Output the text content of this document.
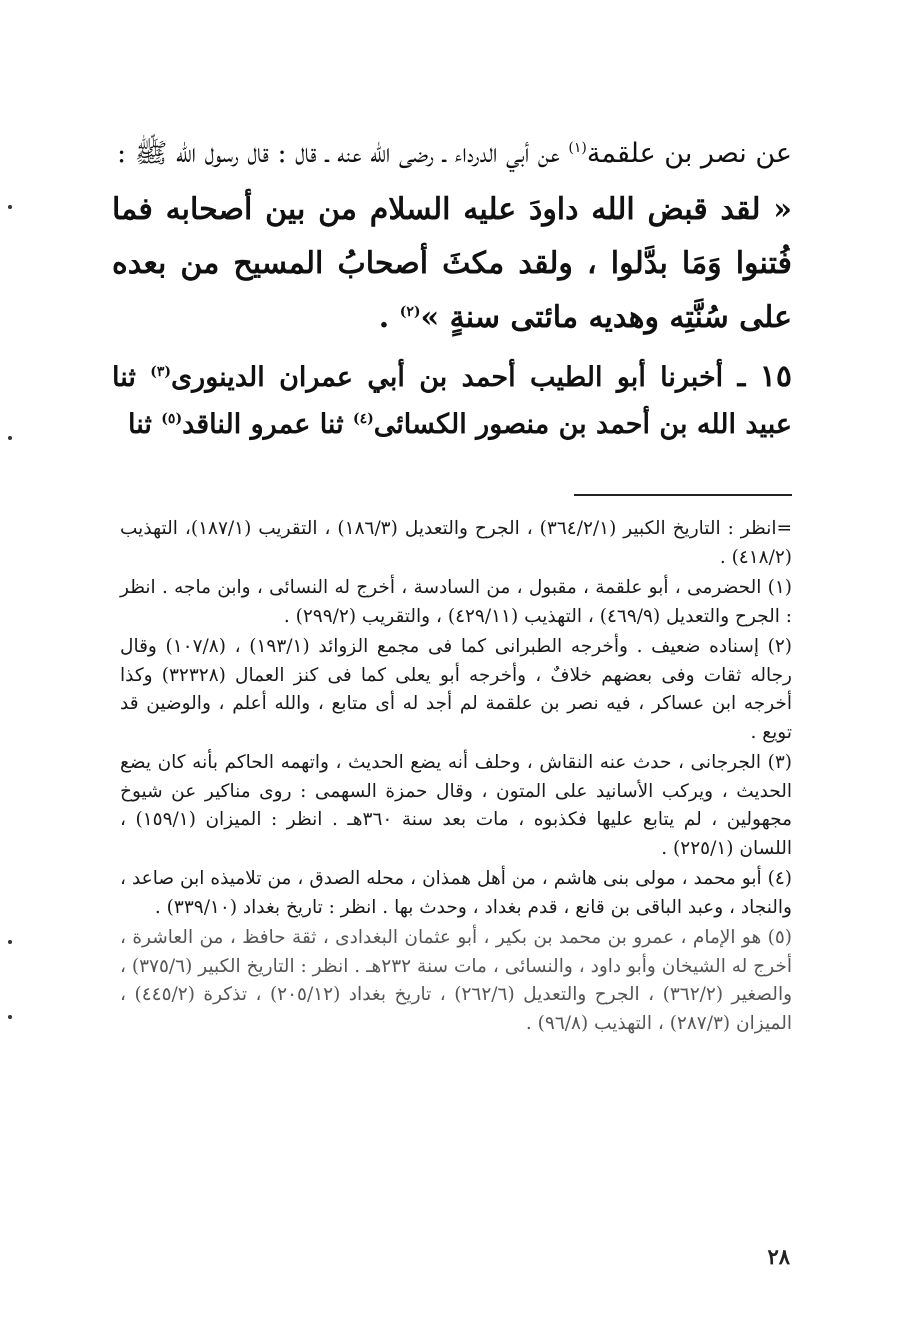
عن نصر بن علقمة$^{(١)}$ عن أبي الدرداء ـ رضى الله عنه ـ قال : قال رسول الله ﷺ :

« لقد قبض الله داودَ عليه السلام من بين أصحابه فما فُتنوا وَمَا بدَّلوا ، ولقد مكثَ أصحابُ المسيح من بعده على سُنَّتِه وهديه مائتى سنةٍ »$^{(٢)}$ .

١٥ ـ أخبرنا أبو الطيب أحمد بن أبي عمران الدينورى$^{(٣)}$ ثنا عبيد الله بن أحمد بن منصور الكسائى$^{(٤)}$ ثنا عمرو الناقد$^{(٥)}$ ثنا

=انظر : التاريخ الكبير (٣٦٤/٢/١) ، الجرح والتعديل (١٨٦/٣) ، التقريب (١٨٧/١)، التهذيب (٤١٨/٢) .

(١) الحضرمى ، أبو علقمة ، مقبول ، من السادسة ، أخرج له النسائى ، وابن ماجه . انظر : الجرح والتعديل (٤٦٩/٩) ، التهذيب (٤٢٩/١١) ، والتقريب (٢٩٩/٢) .

(٢) إسناده ضعيف . وأخرجه الطبرانى كما فى مجمع الزوائد (١٩٣/١) ، (١٠٧/٨) وقال رجاله ثقات وفى بعضهم خلافٌ ، وأخرجه أبو يعلى كما فى كنز العمال (٣٢٣٢٨) وكذا أخرجه ابن عساكر ، فيه نصر بن علقمة لم أجد له أى متابع ، والله أعلم ، والوضين قد تويع .

(٣) الجرجانى ، حدث عنه النقاش ، وحلف أنه يضع الحديث ، واتهمه الحاكم بأنه كان يضع الحديث ، ويركب الأسانيد على المتون ، وقال حمزة السهمى : روى مناكير عن شيوخ مجهولين ، لم يتابع عليها فكذبوه ، مات بعد سنة ٣٦٠هـ . انظر : الميزان (١٥٩/١) ، اللسان (٢٢٥/١) .

(٤) أبو محمد ، مولى بنى هاشم ، من أهل همذان ، محله الصدق ، من تلاميذه ابن صاعد ، والنجاد ، وعبد الباقى بن قانع ، قدم بغداد ، وحدث بها . انظر : تاريخ بغداد (٣٣٩/١٠) .

(٥) هو الإمام ، عمرو بن محمد بن بكير ، أبو عثمان البغدادى ، ثقة حافظ ، من العاشرة ، أخرج له الشيخان وأبو داود ، والنسائى ، مات سنة ٢٣٢هـ . انظر : التاريخ الكبير (٣٧٥/٦) ، والصغير (٣٦٢/٢) ، الجرح والتعديل (٢٦٢/٦) ، تاريخ بغداد (٢٠٥/١٢) ، تذكرة (٤٤٥/٢) ، الميزان (٢٨٧/٣) ، التهذيب (٩٦/٨) .

٢٨
